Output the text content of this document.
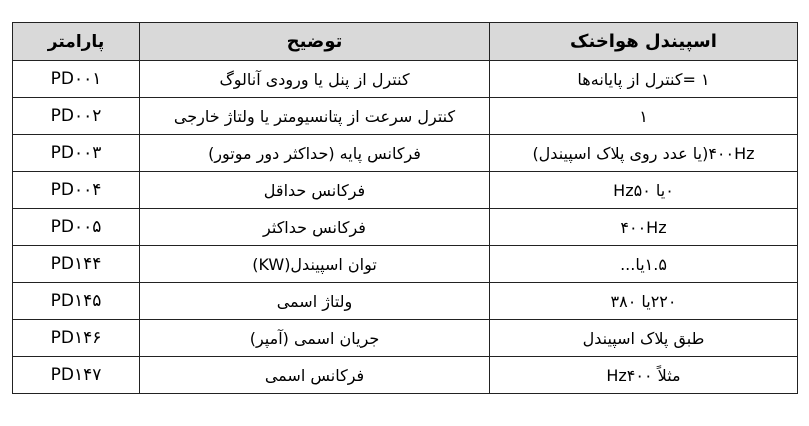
پارامتر	توضیح	اسپیندل هواخنک
PD۰۰۱	کنترل از پنل یا ورودی آنالوگ	۱ =کنترل از پایانه‌ها
PD۰۰۲	کنترل سرعت از پتانسیومتر یا ولتاژ خارجی	۱
PD۰۰۳	فرکانس پایه (حداکثر دور موتور)	۴۰۰Hz(یا عدد روی پلاک اسپیندل)
PD۰۰۴	فرکانس حداقل	۰یا Hz۵۰
PD۰۰۵	فرکانس حداکثر	۴۰۰Hz
PD۱۴۴	توان اسپیندل(KW)	۱.۵یا...
PD۱۴۵	ولتاژ اسمی	۲۲۰یا ۳۸۰
PD۱۴۶	جریان اسمی (آمپر)	طبق پلاک اسپیندل
PD۱۴۷	فرکانس اسمی	مثلاً Hz۴۰۰
